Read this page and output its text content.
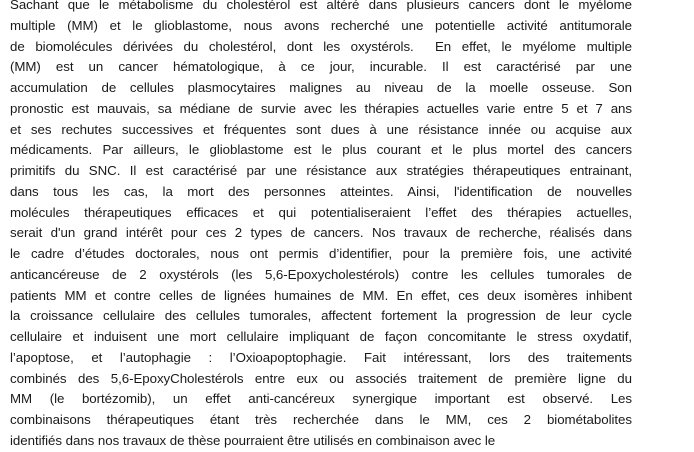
Sachant que le métabolisme du cholestérol est altéré dans plusieurs cancers dont le myélome
multiple (MM) et le glioblastome, nous avons recherché une potentielle activité antitumorale
de biomolécules dérivées du cholestérol, dont les oxystérols.  En effet, le myélome multiple
(MM) est un cancer hématologique, à ce jour, incurable. Il est caractérisé par une
accumulation de cellules plasmocytaires malignes au niveau de la moelle osseuse. Son
pronostic est mauvais, sa médiane de survie avec les thérapies actuelles varie entre 5 et 7 ans
et ses rechutes successives et fréquentes sont dues à une résistance innée ou acquise aux
médicaments. Par ailleurs, le glioblastome est le plus courant et le plus mortel des cancers
primitifs du SNC. Il est caractérisé par une résistance aux stratégies thérapeutiques entrainant,
dans tous les cas, la mort des personnes atteintes. Ainsi, l'identification de nouvelles
molécules thérapeutiques efficaces et qui potentialiseraient l’effet des thérapies actuelles,
serait d'un grand intérêt pour ces 2 types de cancers. Nos travaux de recherche, réalisés dans
le cadre d’études doctorales, nous ont permis d’identifier, pour la première fois, une activité
anticancéreuse de 2 oxystérols (les 5,6-Epoxycholestérols) contre les cellules tumorales de
patients MM et contre celles de lignées humaines de MM. En effet, ces deux isomères inhibent
la croissance cellulaire des cellules tumorales, affectent fortement la progression de leur cycle
cellulaire et induisent une mort cellulaire impliquant de façon concomitante le stress oxydatif,
l’apoptose, et l’autophagie : l’Oxioapoptophagie. Fait intéressant, lors des traitements
combinés des 5,6-EpoxyCholestérols entre eux ou associés traitement de première ligne du
MM (le bortézomib), un effet anti-cancéreux synergique important est observé. Les
combinaisons thérapeutiques étant très recherchée dans le MM, ces 2 biométabolites
identifiés dans nos travaux de thèse pourraient être utilisés en combinaison avec le
